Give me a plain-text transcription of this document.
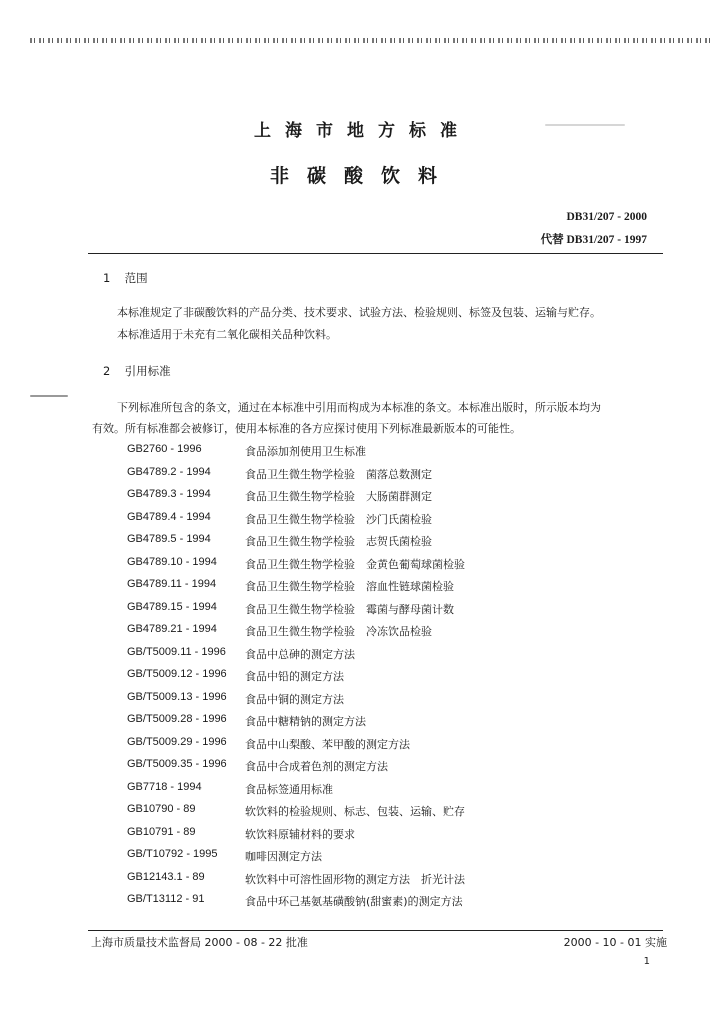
上海市地方标准
非碳酸饮料
DB31/207 - 2000
代替 DB31/207 - 1997
1 范围
本标准规定了非碳酸饮料的产品分类、技术要求、试验方法、检验规则、标签及包装、运输与贮存。
本标准适用于未充有二氧化碳相关品种饮料。
2 引用标准
下列标准所包含的条文，通过在本标准中引用而构成为本标准的条文。本标准出版时，所示版本均为
有效。所有标准都会被修订，使用本标准的各方应探讨使用下列标准最新版本的可能性。
GB2760 - 1996	食品添加剂使用卫生标准
GB4789.2 - 1994	食品卫生微生物学检验　菌落总数测定
GB4789.3 - 1994	食品卫生微生物学检验　大肠菌群测定
GB4789.4 - 1994	食品卫生微生物学检验　沙门氏菌检验
GB4789.5 - 1994	食品卫生微生物学检验　志贺氏菌检验
GB4789.10 - 1994	食品卫生微生物学检验　金黄色葡萄球菌检验
GB4789.11 - 1994	食品卫生微生物学检验　溶血性链球菌检验
GB4789.15 - 1994	食品卫生微生物学检验　霉菌与酵母菌计数
GB4789.21 - 1994	食品卫生微生物学检验　冷冻饮品检验
GB/T5009.11 - 1996 食品中总砷的测定方法
GB/T5009.12 - 1996 食品中铅的测定方法
GB/T5009.13 - 1996 食品中铜的测定方法
GB/T5009.28 - 1996 食品中糖精钠的测定方法
GB/T5009.29 - 1996 食品中山梨酸、苯甲酸的测定方法
GB/T5009.35 - 1996 食品中合成着色剂的测定方法
GB7718 - 1994	食品标签通用标准
GB10790 - 89	软饮料的检验规则、标志、包装、运输、贮存
GB10791 - 89	软饮料原辅材料的要求
GB/T10792 - 1995 咖啡因测定方法
GB12143.1 - 89	软饮料中可溶性固形物的测定方法　折光计法
GB/T13112 - 91	食品中环己基氨基磺酸钠(甜蜜素)的测定方法
上海市质量技术监督局 2000 - 08 - 22 批准	2000 - 10 - 01 实施
1
